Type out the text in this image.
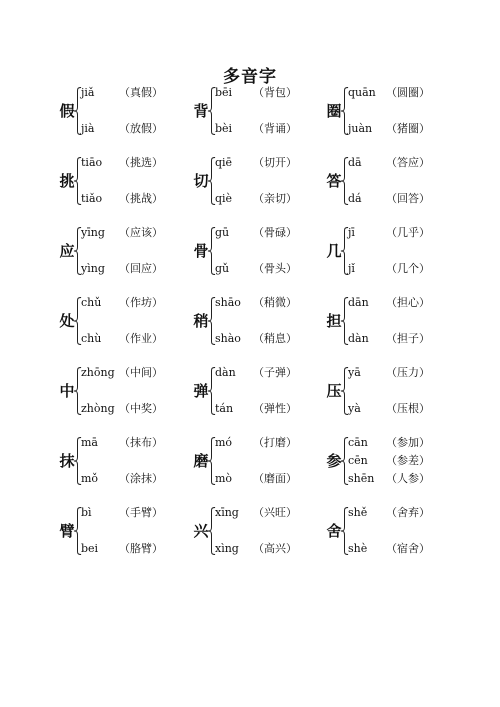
多音字
假
jiǎ （真假）
jià （放假）
背
bēi （背包）
bèi （背诵）
圈
quān （圆圈）
juàn （猪圈）
挑
tiāo （挑选）
tiǎo （挑战）
切
qiē （切开）
qiè （亲切）
答
dā （答应）
dá （回答）
应
yīng （应该）
yìng （回应）
骨
gū （骨碌）
gǔ （骨头）
几
jī	（几乎）
jǐ	（几个）
处
chǔ （作坊）
chù （作业）
稍
shāo （稍微）
shào （稍息）
担
dān （担心）
dàn （担子）
中
zhōng （中间）
zhòng （中奖）
弹
dàn （子弹）
tán （弹性）
压
yā （压力）
yà （压根）
抹
mā （抹布）
mǒ （涂抹）
磨
mó （打磨）
mò （磨面）
参
cān （参加）
cēn （参差）
shēn （人参）
臂
bì （手臂）
bei （胳臂）
兴
xīng （兴旺）
xìng （高兴）
舍
shě （舍弃）
shè （宿舍）
